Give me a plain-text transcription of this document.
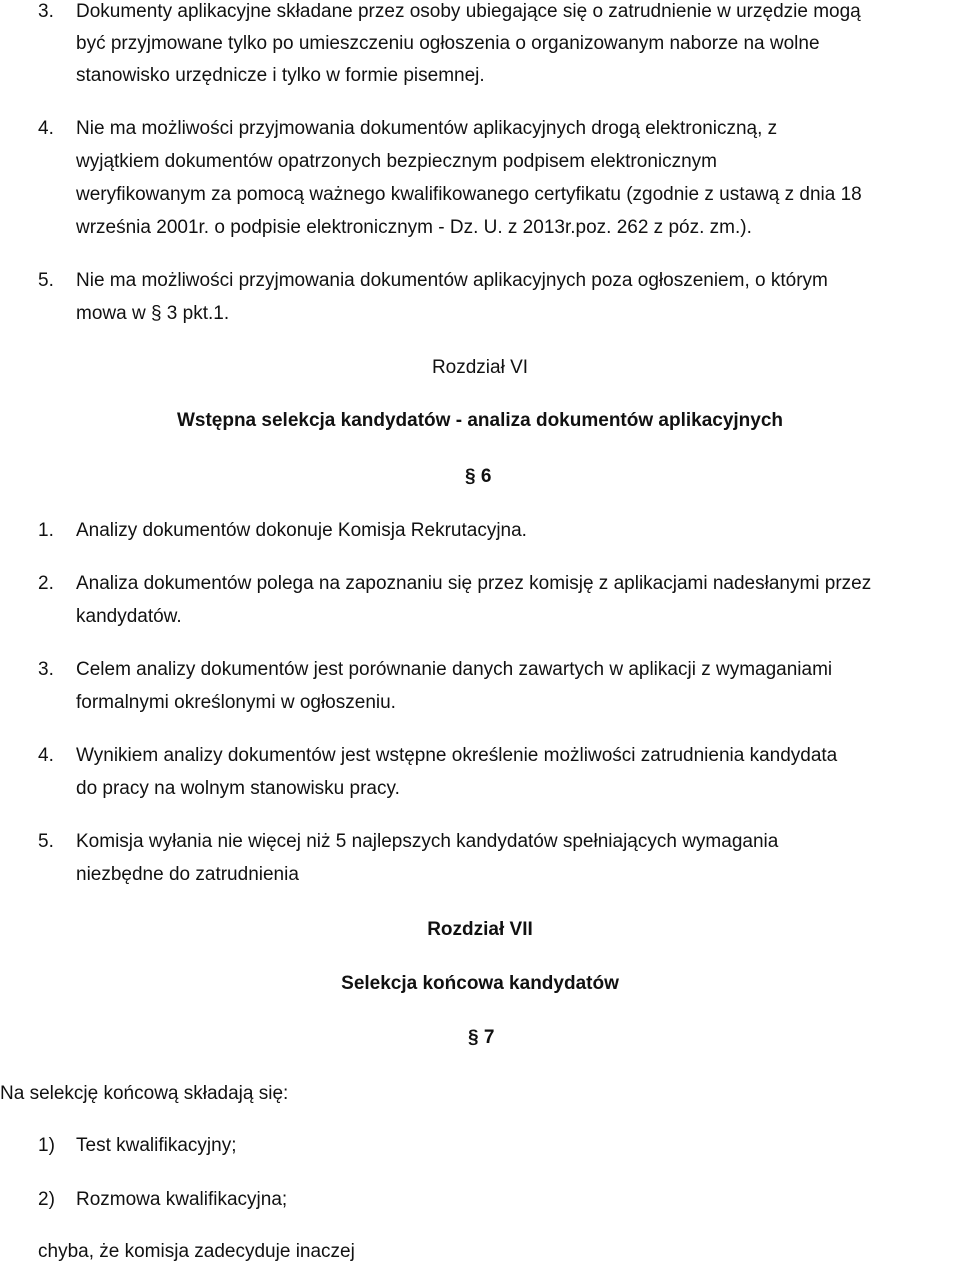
3. Dokumenty aplikacyjne składane przez osoby ubiegające się o zatrudnienie w urzędzie mogą
być przyjmowane tylko po umieszczeniu ogłoszenia o organizowanym naborze na wolne
stanowisko urzędnicze i tylko w formie pisemnej.
4. Nie ma możliwości przyjmowania dokumentów aplikacyjnych drogą elektroniczną, z
wyjątkiem dokumentów opatrzonych bezpiecznym podpisem elektronicznym
weryfikowanym za pomocą ważnego kwalifikowanego certyfikatu (zgodnie z ustawą z dnia 18
września 2001r. o podpisie elektronicznym - Dz. U. z 2013r.poz. 262 z póz. zm.).
5. Nie ma możliwości przyjmowania dokumentów aplikacyjnych poza ogłoszeniem, o którym
mowa w § 3 pkt.1.
Rozdział VI
Wstępna selekcja kandydatów - analiza dokumentów aplikacyjnych
§ 6
1. Analizy dokumentów dokonuje Komisja Rekrutacyjna.
2. Analiza dokumentów polega na zapoznaniu się przez komisję z aplikacjami nadesłanymi przez
kandydatów.
3. Celem analizy dokumentów jest porównanie danych zawartych w aplikacji z wymaganiami
formalnymi określonymi w ogłoszeniu.
4. Wynikiem analizy dokumentów jest wstępne określenie możliwości zatrudnienia kandydata
do pracy na wolnym stanowisku pracy.
5. Komisja wyłania nie więcej niż 5 najlepszych kandydatów spełniających wymagania
niezbędne do zatrudnienia
Rozdział VII
Selekcja końcowa kandydatów
§ 7
Na selekcję końcową składają się:
1) Test kwalifikacyjny;
2) Rozmowa kwalifikacyjna;
chyba, że komisja zadecyduje inaczej
